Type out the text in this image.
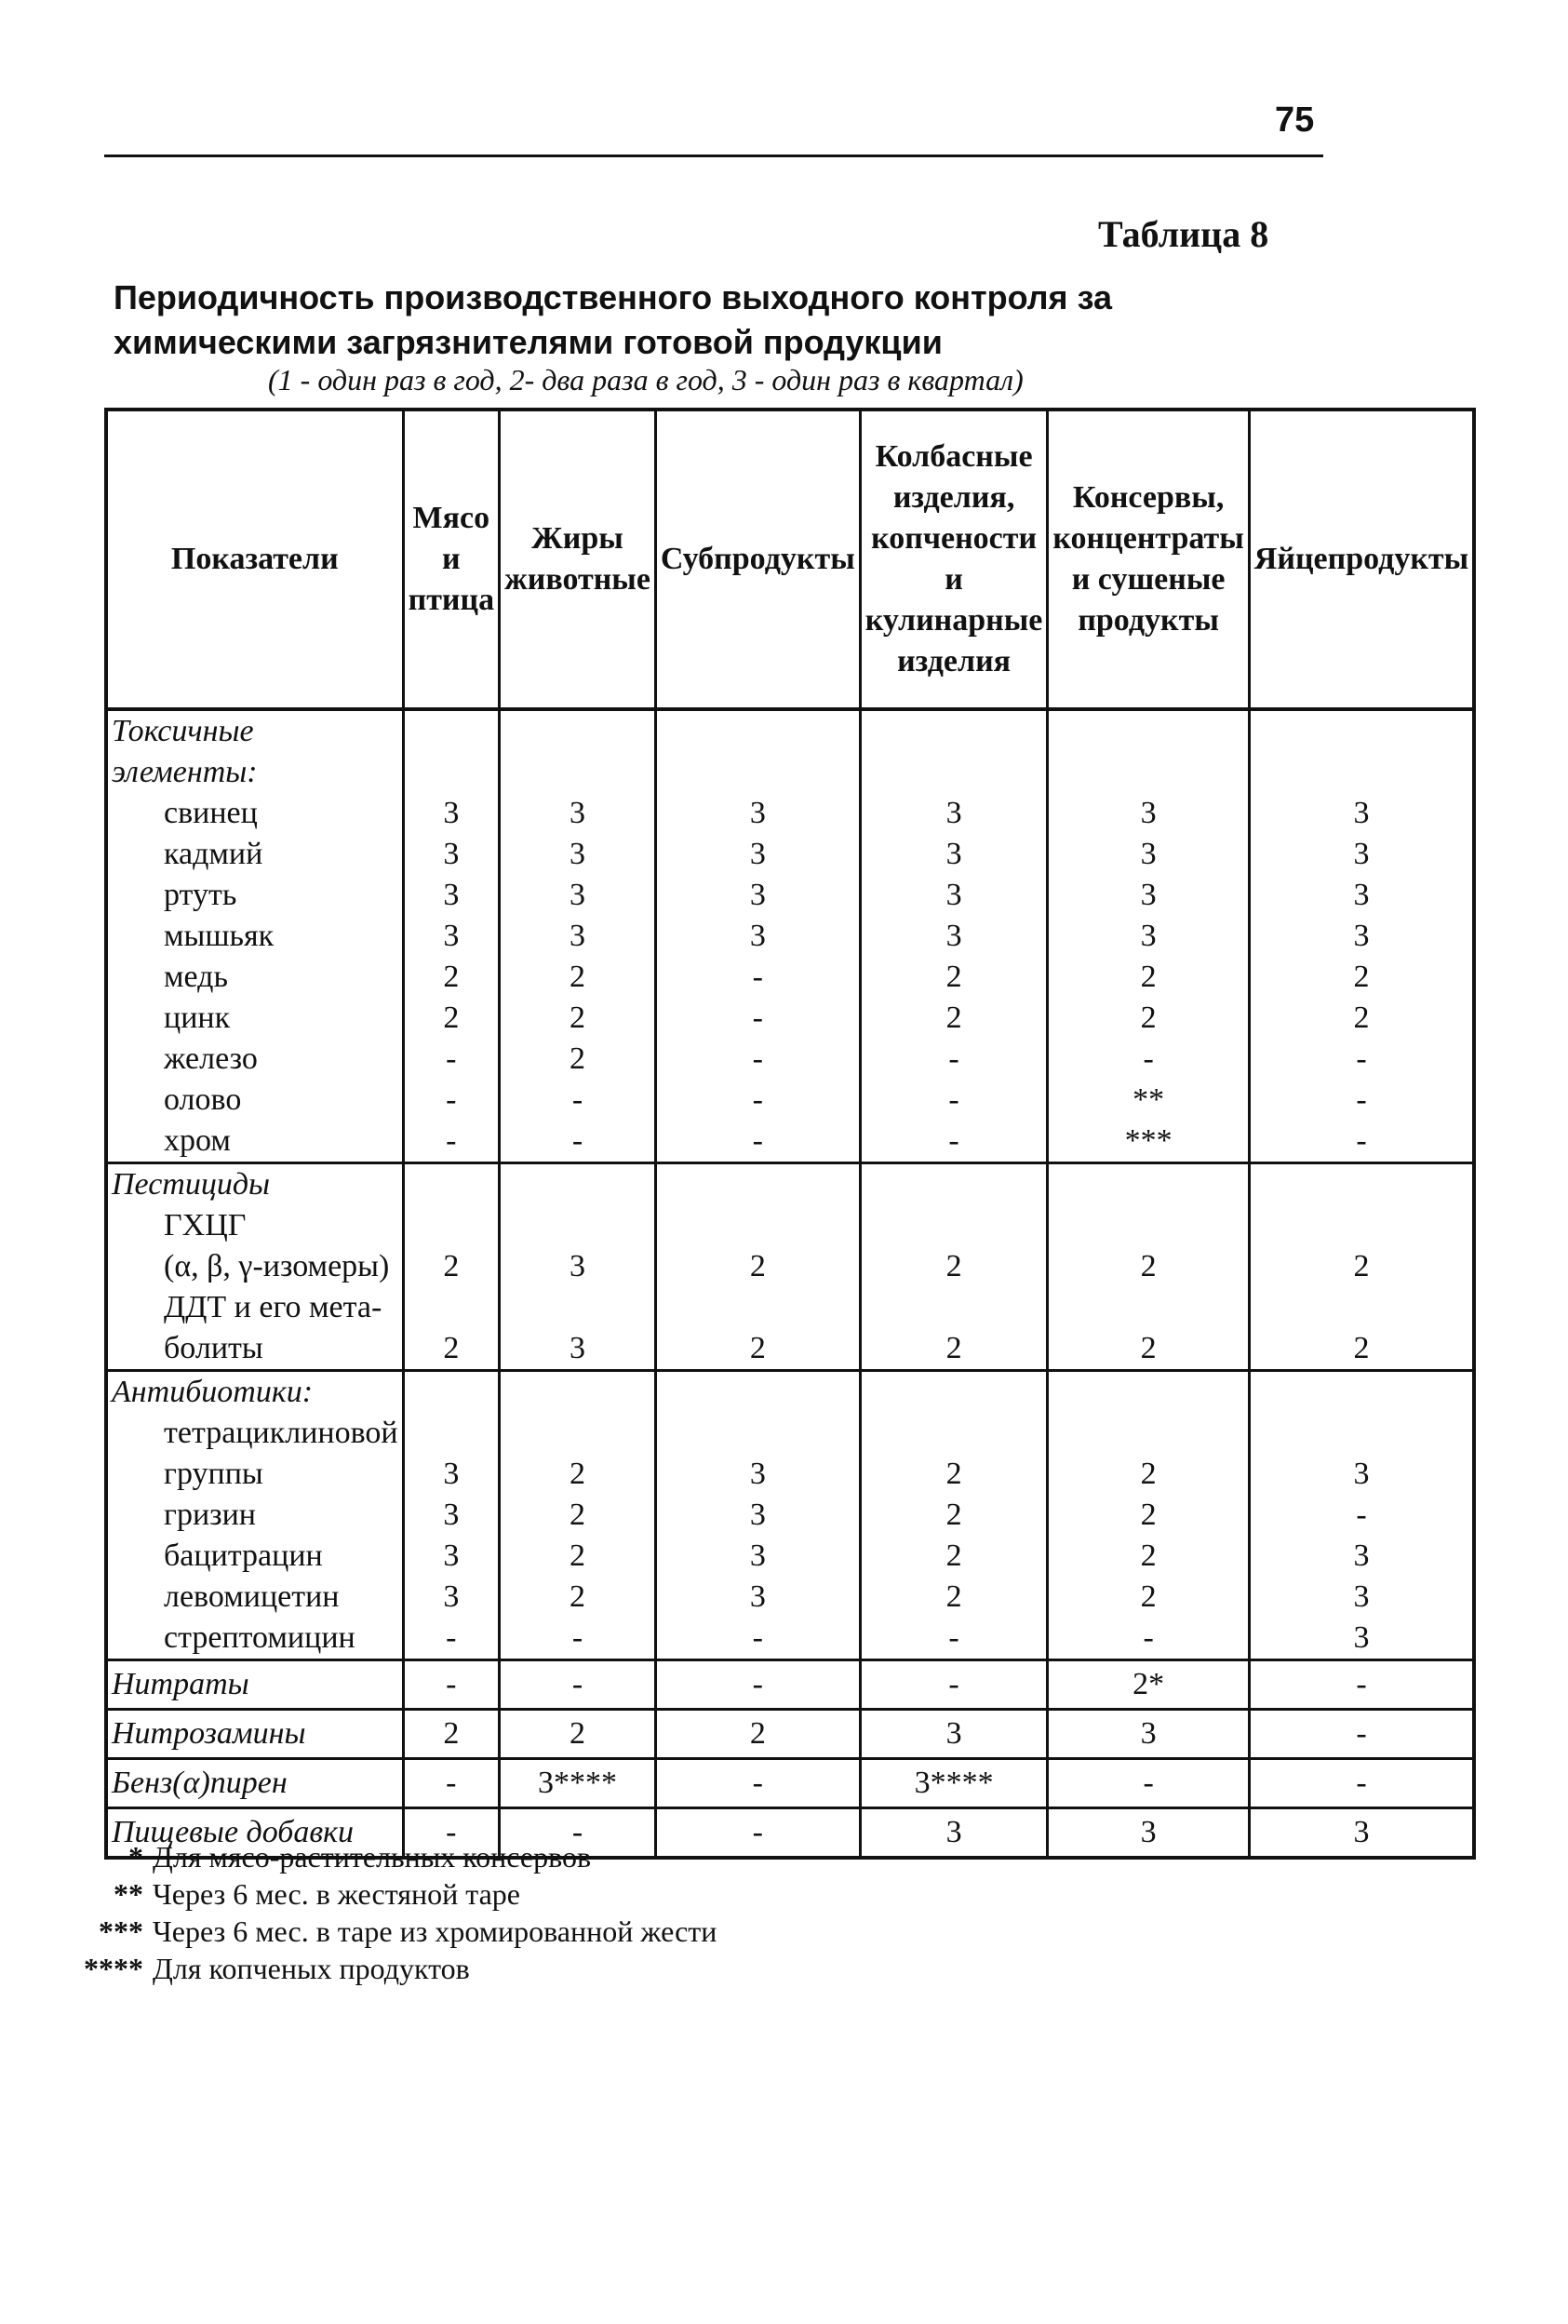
75
Таблица 8
Периодичность производственного выходного контроля за химическими загрязнителями готовой продукции
(1 - один раз в год, 2- два раза в год, 3 - один раз в квартал)
Показатели	Мясо и птица	Жиры животные	Субпродукты	Колбасные изделия, копчености и кулинарные изделия	Консервы, концентраты и сушеные продукты	Яйцепродукты
Токсичные элементы:						
свинец	3	3	3	3	3	3
кадмий	3	3	3	3	3	3
ртуть	3	3	3	3	3	3
мышьяк	3	3	3	3	3	3
медь	2	2	-	2	2	2
цинк	2	2	-	2	2	2
железо	-	2	-	-	-	-
олово	-	-	-	-	**	-
хром	-	-	-	-	***	-
Пестициды						
ГХЦГ						
(α, β, γ-изомеры)	2	3	2	2	2	2
ДДТ и его мета-						
болиты	2	3	2	2	2	2
Антибиотики:						
тетрациклиновой						
группы	3	2	3	2	2	3
гризин	3	2	3	2	2	-
бацитрацин	3	2	3	2	2	3
левомицетин	3	2	3	2	2	3
стрептомицин	-	-	-	-	-	3
Нитраты	-	-	-	-	2*	-
Нитрозамины	2	2	2	3	3	-
Бенз(α)пирен	-	3****	-	3****	-	-
Пищевые добавки	-	-	-	3	3	3
* Для мясо-растительных консервов
** Через 6 мес. в жестяной таре
*** Через 6 мес. в таре из хромированной жести
**** Для копченых продуктов
